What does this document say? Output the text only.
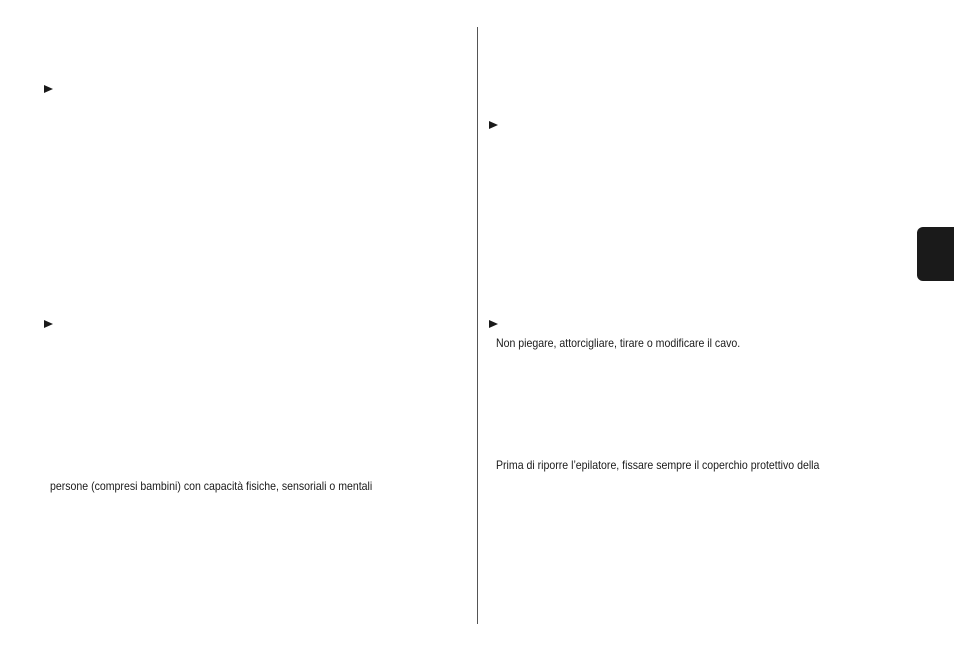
persone (compresi bambini) con capacità fisiche, sensoriali o mentali
Non piegare, attorcigliare, tirare o modificare il cavo.
Prima di riporre l’epilatore, fissare sempre il coperchio protettivo della
